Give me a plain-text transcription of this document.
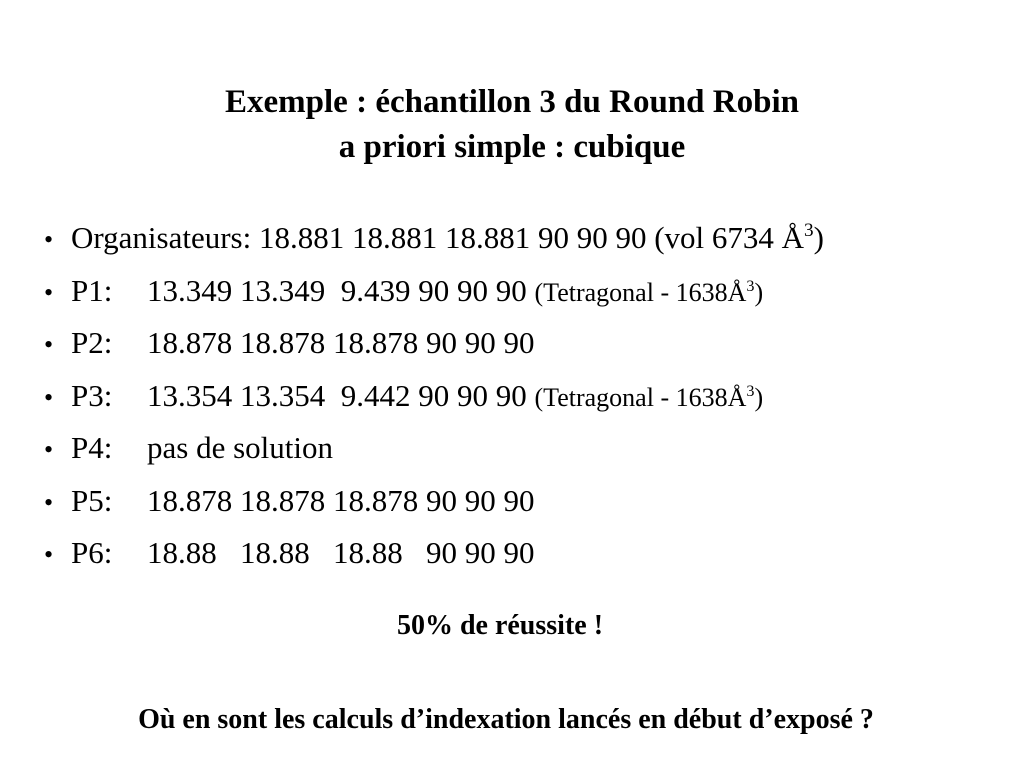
Exemple : échantillon 3 du Round Robin
a priori simple : cubique
• Organisateurs: 18.881 18.881 18.881 90 90 90 (vol 6734 $Å^3$)
• P1: 13.349 13.349  9.439 90 90 90 (Tetragonal - $1638Å^3$)
• P2: 18.878 18.878 18.878 90 90 90
• P3: 13.354 13.354  9.442 90 90 90 (Tetragonal - $1638Å^3$)
• P4: pas de solution
• P5: 18.878 18.878 18.878 90 90 90
• P6: 18.88   18.88   18.88   90 90 90
50% de réussite !
Où en sont les calculs d’indexation lancés en début d’exposé ?
